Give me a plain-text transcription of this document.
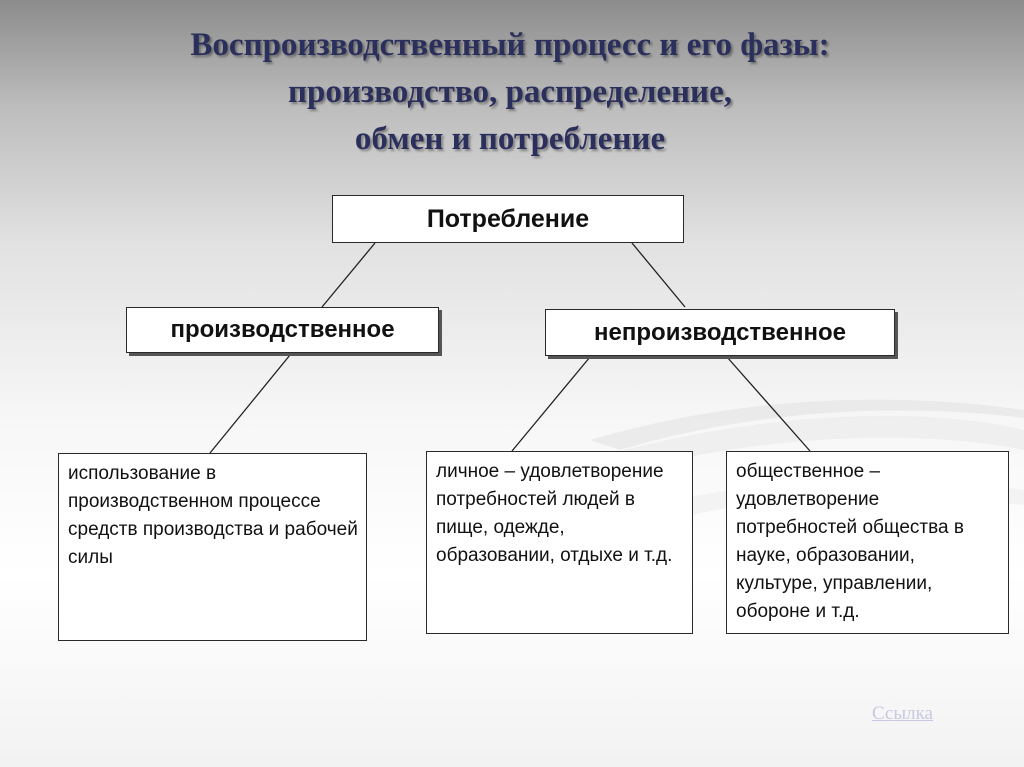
Воспроизводственный процесс и его фазы:
производство, распределение,
обмен и потребление
Потребление
производственное	непроизводственное
использование в производственном процессе средств производства и рабочей силы
личное – удовлетворение потребностей людей в пище, одежде, образовании, отдыхе и т.д.
общественное – удовлетворение потребностей общества в науке, образовании, культуре, управлении, обороне и т.д.
Ссылка
